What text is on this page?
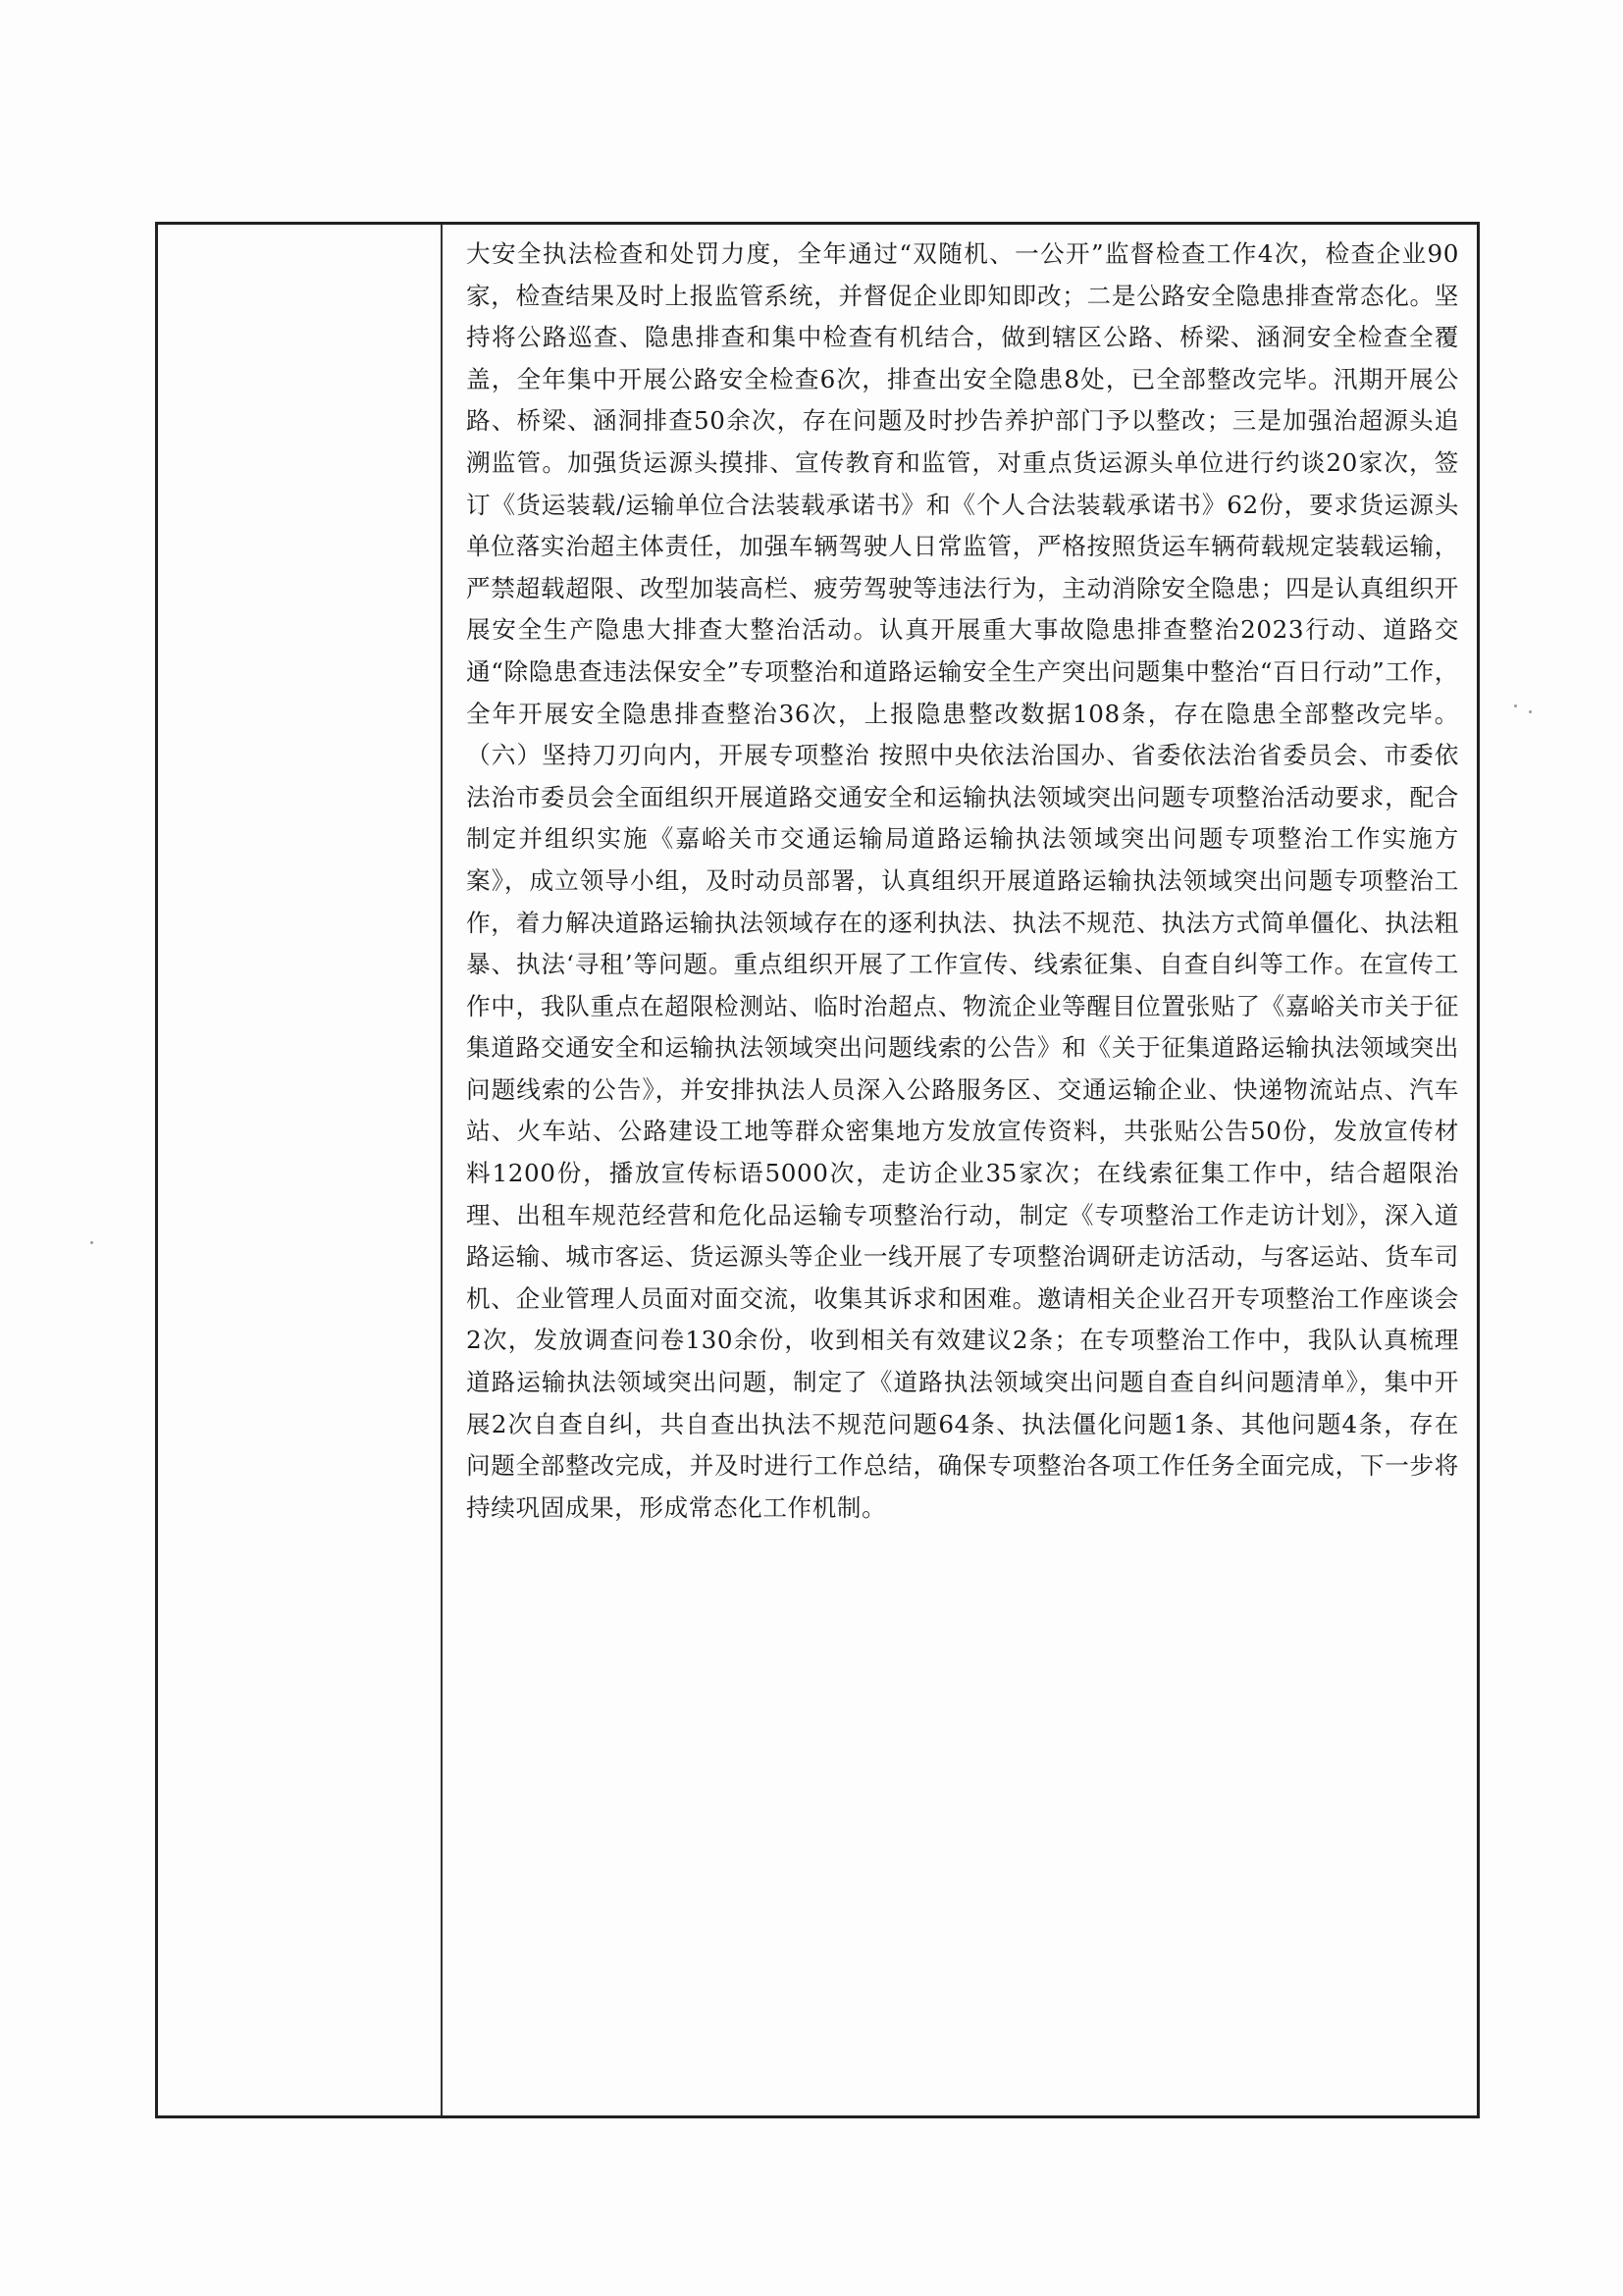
大安全执法检查和处罚力度，全年通过“双随机、一公开”监督检查工作4次，检查企业90家，检查结果及时上报监管系统，并督促企业即知即改；二是公路安全隐患排查常态化。坚持将公路巡查、隐患排查和集中检查有机结合，做到辖区公路、桥梁、涵洞安全检查全覆盖，全年集中开展公路安全检查6次，排查出安全隐患8处，已全部整改完毕。汛期开展公路、桥梁、涵洞排查50余次，存在问题及时抄告养护部门予以整改；三是加强治超源头追溯监管。加强货运源头摸排、宣传教育和监管，对重点货运源头单位进行约谈20家次，签订《货运装载/运输单位合法装载承诺书》和《个人合法装载承诺书》62份，要求货运源头单位落实治超主体责任，加强车辆驾驶人日常监管，严格按照货运车辆荷载规定装载运输，严禁超载超限、改型加装高栏、疲劳驾驶等违法行为，主动消除安全隐患；四是认真组织开展安全生产隐患大排查大整治活动。认真开展重大事故隐患排查整治2023行动、道路交通“除隐患查违法保安全”专项整治和道路运输安全生产突出问题集中整治“百日行动”工作，全年开展安全隐患排查整治36次，上报隐患整改数据108条，存在隐患全部整改完毕。（六）坚持刀刃向内，开展专项整治 按照中央依法治国办、省委依法治省委员会、市委依法治市委员会全面组织开展道路交通安全和运输执法领域突出问题专项整治活动要求，配合制定并组织实施《嘉峪关市交通运输局道路运输执法领域突出问题专项整治工作实施方案》，成立领导小组，及时动员部署，认真组织开展道路运输执法领域突出问题专项整治工作，着力解决道路运输执法领域存在的逐利执法、执法不规范、执法方式简单僵化、执法粗暴、执法‘寻租’等问题。重点组织开展了工作宣传、线索征集、自查自纠等工作。在宣传工作中，我队重点在超限检测站、临时治超点、物流企业等醒目位置张贴了《嘉峪关市关于征集道路交通安全和运输执法领域突出问题线索的公告》和《关于征集道路运输执法领域突出问题线索的公告》，并安排执法人员深入公路服务区、交通运输企业、快递物流站点、汽车站、火车站、公路建设工地等群众密集地方发放宣传资料，共张贴公告50份，发放宣传材料1200份，播放宣传标语5000次，走访企业35家次；在线索征集工作中，结合超限治理、出租车规范经营和危化品运输专项整治行动，制定《专项整治工作走访计划》，深入道路运输、城市客运、货运源头等企业一线开展了专项整治调研走访活动，与客运站、货车司机、企业管理人员面对面交流，收集其诉求和困难。邀请相关企业召开专项整治工作座谈会2次，发放调查问卷130余份，收到相关有效建议2条；在专项整治工作中，我队认真梳理道路运输执法领域突出问题，制定了《道路执法领域突出问题自查自纠问题清单》，集中开展2次自查自纠，共自查出执法不规范问题64条、执法僵化问题1条、其他问题4条，存在问题全部整改完成，并及时进行工作总结，确保专项整治各项工作任务全面完成，下一步将持续巩固成果，形成常态化工作机制。
